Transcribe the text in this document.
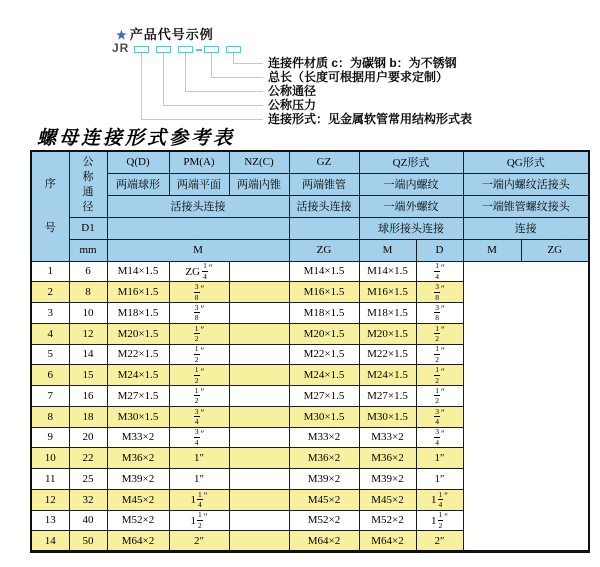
★ 产品代号示例
JR
连接件材质 c：为碳钢 b：为不锈钢
总长（长度可根据用户要求定制）
公称通径
公称压力
连接形式：见金属软管常用结构形式表
螺母连接形式参考表
序
号

公
称
通
径
	Q(D)	PM(A)	NZ(C)	GZ	QZ形式	QG形式
		两端球形	两端平面	两端内锥	两端锥管	一端内螺纹		一端内螺纹活接头	
		活接头连接			活接头连接	一端外螺纹		一端锥管螺纹接头	
	D1					球形接头连接		连接	
	mm	M			ZG	M	D	M	ZG
1	6	M14×1.5	ZG $\frac{1}{4} ''$		M14×1.5	M14×1.5	$\frac{1}{4} ''$
2	8	M16×1.5	$\frac{3}{8} ''$		M16×1.5	M16×1.5	$\frac{3}{8} ''$
3	10	M18×1.5	$\frac{3}{8} ''$		M18×1.5	M18×1.5	$\frac{3}{8} ''$
4	12	M20×1.5	$\frac{1}{2} ''$		M20×1.5	M20×1.5	$\frac{1}{2} ''$
5	14	M22×1.5	$\frac{1}{2} ''$		M22×1.5	M22×1.5	$\frac{1}{2} ''$
6	15	M24×1.5	$\frac{1}{2} ''$		M24×1.5	M24×1.5	$\frac{1}{2} ''$
7	16	M27×1.5	$\frac{1}{2} ''$		M27×1.5	M27×1.5	$\frac{1}{2} ''$
8	18	M30×1.5	$\frac{3}{4} ''$		M30×1.5	M30×1.5	$\frac{3}{4} ''$
9	20	M33×2	$\frac{3}{4} ''$		M33×2	M33×2	$\frac{3}{4} ''$
10	22	M36×2	1″		M36×2	M36×2	1″		
11	25	M39×2	1″		M39×2	M39×2	1″		
12	32	M45×2	$1 \frac{1}{4} ''$		M45×2	M45×2	$1 \frac{1}{4} ''$
13	40	M52×2	$1 \frac{1}{2} ''$		M52×2	M52×2	$1 \frac{1}{2} ''$
14	50	M64×2	2″		M64×2	M64×2	2″		
